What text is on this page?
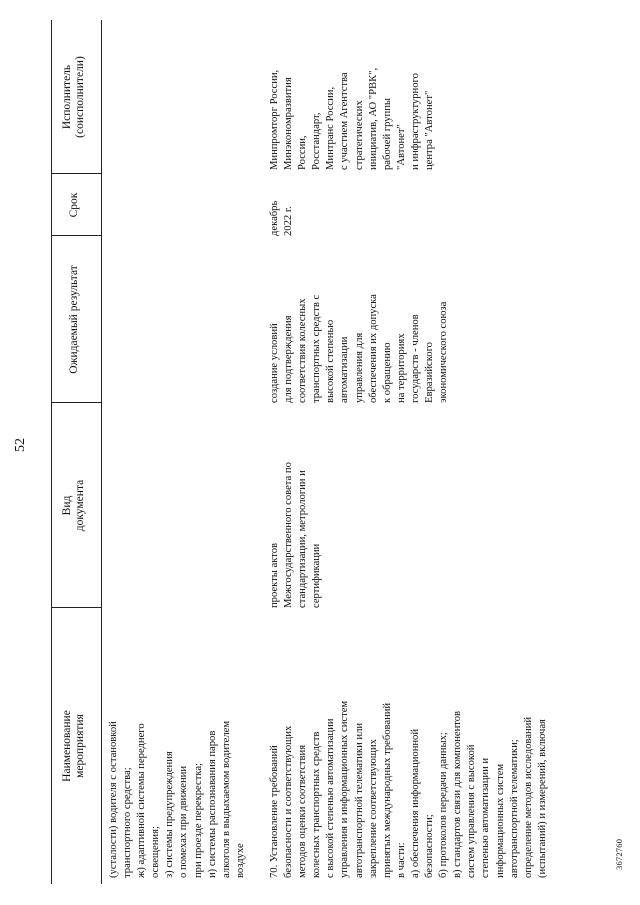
52
Наименование
мероприятия
Вид
документа
Ожидаемый результат
Срок
Исполнитель
(соисполнители)
(усталости) водителя с остановкой
транспортного средства;
ж) адаптивной системы переднего
освещения;
з) системы предупреждения
о помехах при движении
при проезде перекрестка;
и) системы распознавания паров
алкоголя в выдыхаемом водителем
воздухе 70. Установление требований
безопасности и соответствующих
методов оценки соответствия
колесных транспортных средств
с высокой степенью автоматизации
управления и информационных систем
автотранспортной телематики или
закрепление соответствующих
принятых международных требований
в части:
а) обеспечения информационной
безопасности;
б) протоколов передачи данных;
в) стандартов связи для компонентов
систем управления с высокой
степенью автоматизации и
информационных систем
автотранспортной телематики;
определение методов исследований
(испытаний) и измерений, включая
проекты актов
Межгосударственного совета по
стандартизации, метрологии и
сертификации
создание условий
для подтверждения
соответствия колесных
транспортных средств с
высокой степенью
автоматизации
управления для
обеспечения их допуска
к обращению
на территориях
государств - членов
Евразийского
экономического союза
декабрь
2022 г.
Минпромторг России,
Минэкономразвития
России,
Росстандарт,
Минтранс России,
с участием Агентства
стратегических
инициатив, АО "РВК",
рабочей группы
"Автонет"
и инфраструктурного
центра "Автонет"
3672760
